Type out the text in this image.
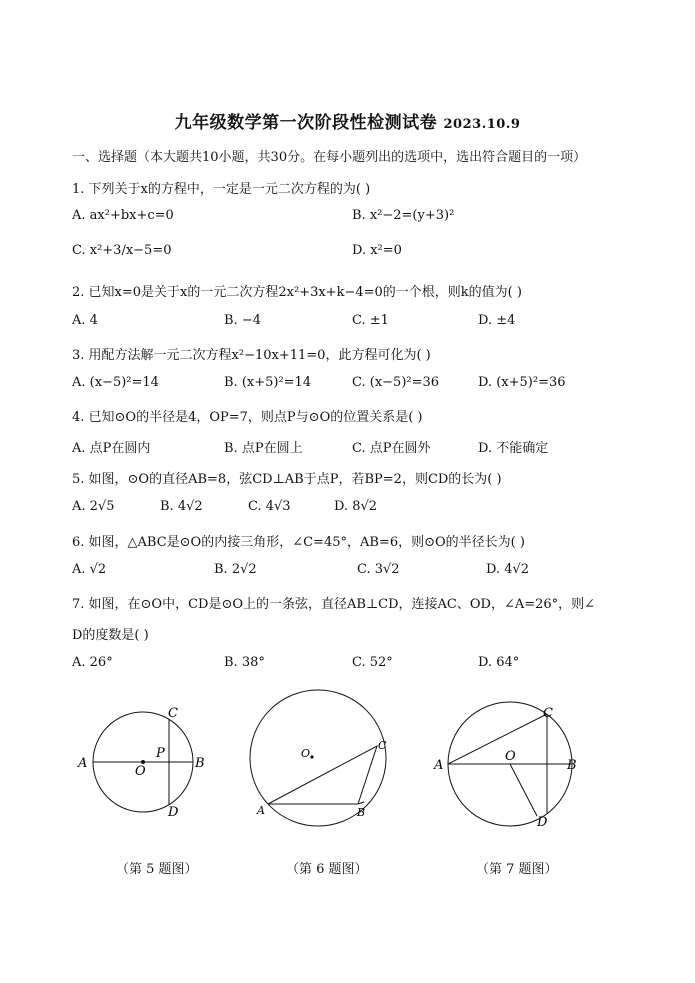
九年级数学第一次阶段性检测试卷 2023.10.9
一、选择题（本大题共10小题，共30分。在每小题列出的选项中，选出符合题目的一项）
1. 下列关于x的方程中，一定是一元二次方程的为( )
A. ax²+bx+c=0	B. x²−2=(y+3)²
C. x²+3/x−5=0	D. x²=0
2. 已知x=0是关于x的一元二次方程2x²+3x+k−4=0的一个根，则k的值为( )
A. 4	B. −4	C. ±1	D. ±4
3. 用配方法解一元二次方程x²−10x+11=0，此方程可化为( )
A. (x−5)²=14	B. (x+5)²=14	C. (x−5)²=36	D. (x+5)²=36
4. 已知⊙O的半径是4，OP=7，则点P与⊙O的位置关系是( )
A. 点P在圆内	B. 点P在圆上	C. 点P在圆外	D. 不能确定
5. 如图，⊙O的直径AB=8，弦CD⊥AB于点P，若BP=2，则CD的长为( )
A. 2√5	B. 4√2	C. 4√3	D. 8√2
6. 如图，△ABC是⊙O的内接三角形，∠C=45°，AB=6，则⊙O的半径长为( )
A. √2	B. 2√2	C. 3√2	D. 4√2
7. 如图，在⊙O中，CD是⊙O上的一条弦，直径AB⊥CD，连接AC、OD，∠A=26°，则∠
D的度数是( )
A. 26°	B. 38°	C. 52°	D. 64°
A	B
C
D
O
P
（第 5 题图）
A	B
C
O
（第 6 题图）
A	B
C
D
O
（第 7 题图）
